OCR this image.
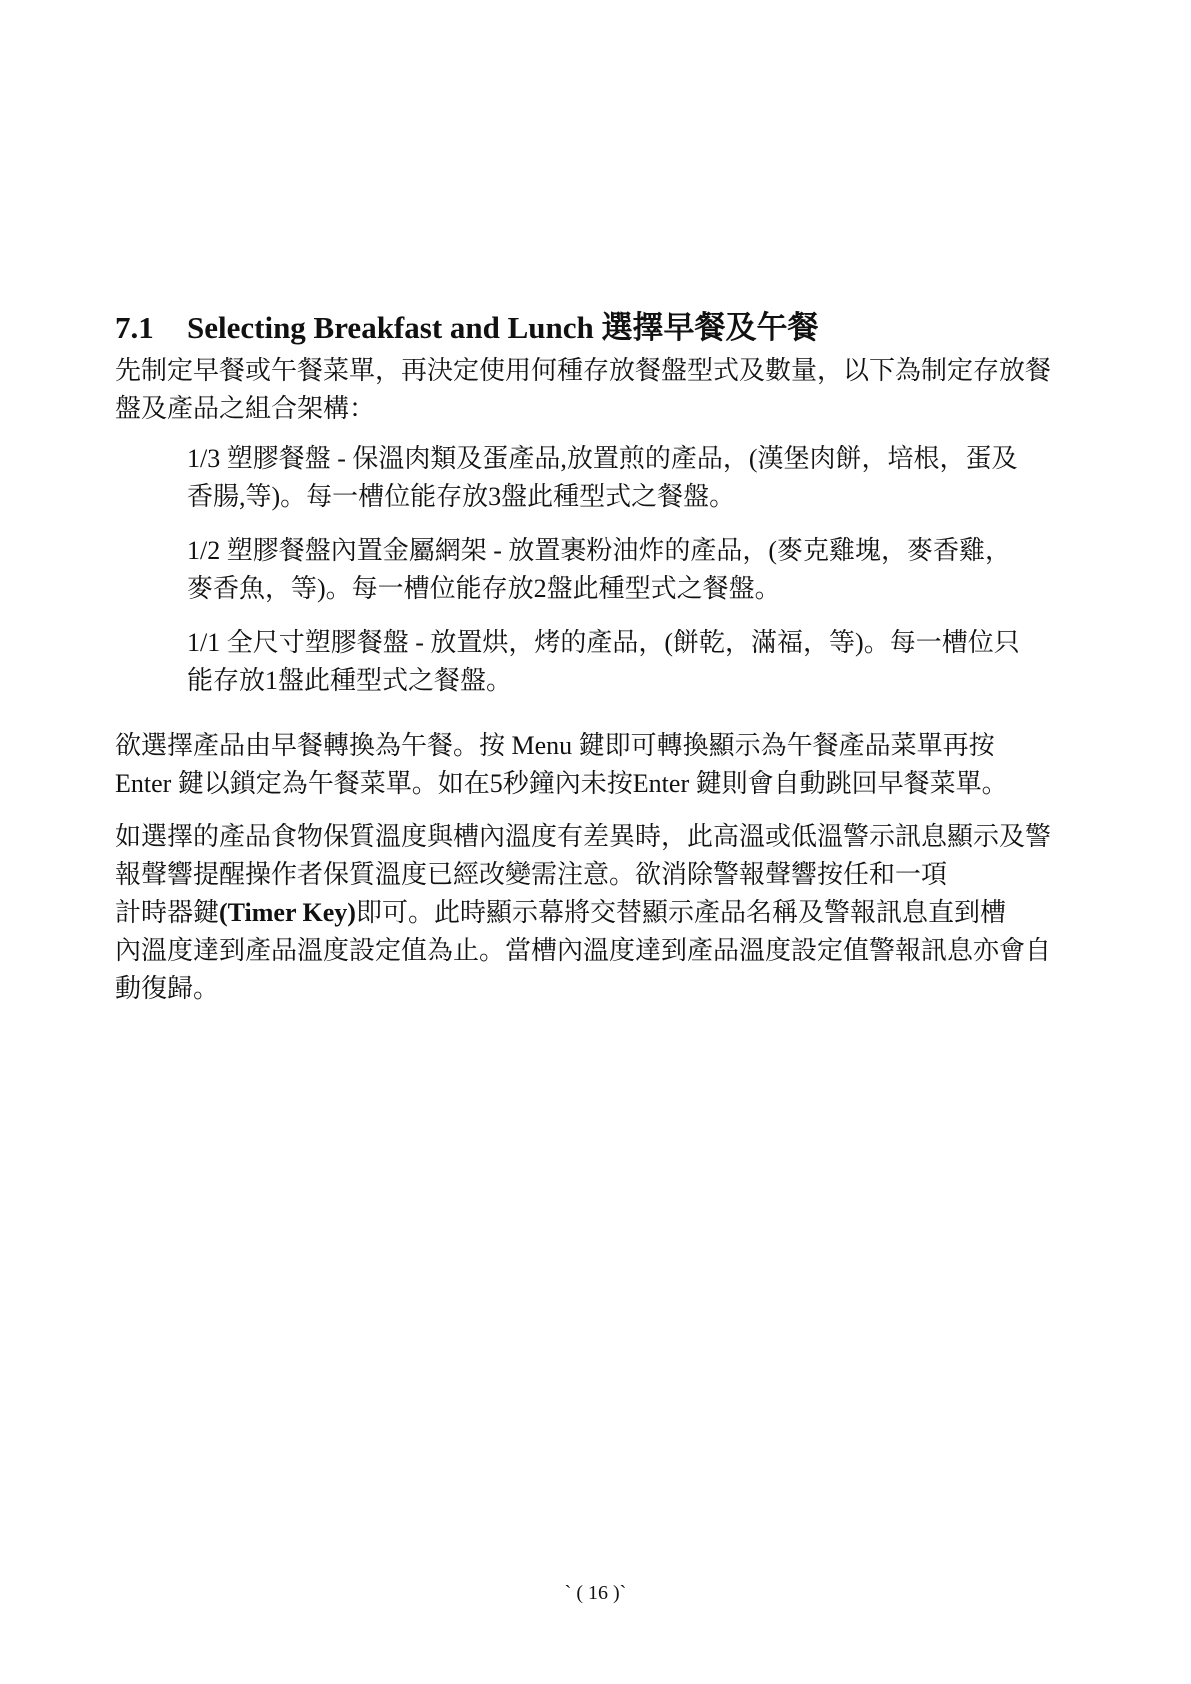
7.1 Selecting Breakfast and Lunch 選擇早餐及午餐
先制定早餐或午餐菜單，再決定使用何種存放餐盤型式及數量，以下為制定存放餐
盤及產品之組合架構：
1/3 塑膠餐盤 - 保溫肉類及蛋產品,放置煎的產品，(漢堡肉餅，培根，蛋及
香腸,等)。每一槽位能存放3盤此種型式之餐盤。
1/2 塑膠餐盤內置金屬網架 - 放置裹粉油炸的產品，(麥克雞塊，麥香雞，
麥香魚，等)。每一槽位能存放2盤此種型式之餐盤。
1/1 全尺寸塑膠餐盤 - 放置烘，烤的產品，(餅乾，滿福，等)。每一槽位只
能存放1盤此種型式之餐盤。
欲選擇產品由早餐轉換為午餐。按 Menu 鍵即可轉換顯示為午餐產品菜單再按
Enter 鍵以鎖定為午餐菜單。如在5秒鐘內未按Enter 鍵則會自動跳回早餐菜單。
如選擇的產品食物保質溫度與槽內溫度有差異時，此高溫或低溫警示訊息顯示及警
報聲響提醒操作者保質溫度已經改變需注意。欲消除警報聲響按任和一項
計時器鍵(Timer Key)即可。此時顯示幕將交替顯示產品名稱及警報訊息直到槽
內溫度達到產品溫度設定值為止。當槽內溫度達到產品溫度設定值警報訊息亦會自
動復歸。
` ( 16 )`
